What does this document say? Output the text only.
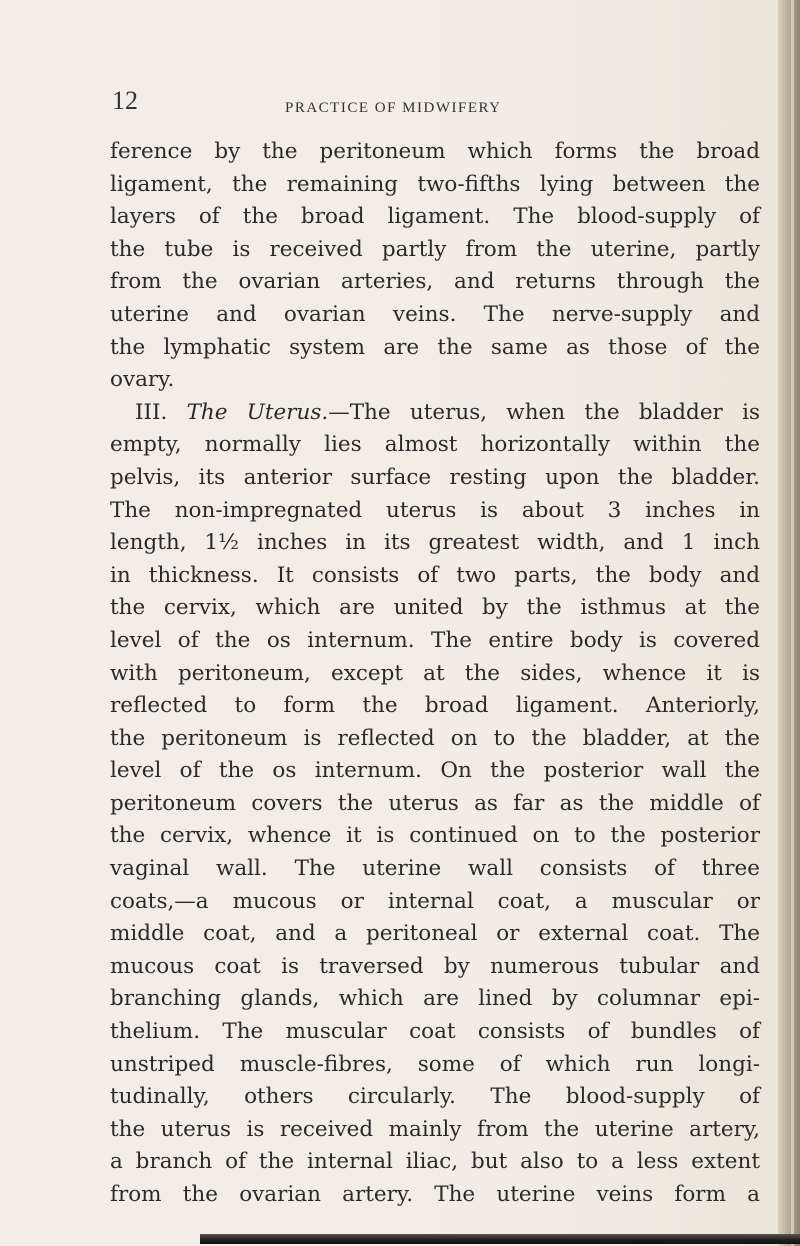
12	PRACTICE OF MIDWIFERY
ference by the peritoneum which forms the broad
ligament, the remaining two-fifths lying between the
layers of the broad ligament. The blood-supply of
the tube is received partly from the uterine, partly
from the ovarian arteries, and returns through the
uterine and ovarian veins. The nerve-supply and
the lymphatic system are the same as those of the
ovary.
III. The Uterus.—The uterus, when the bladder is
empty, normally lies almost horizontally within the
pelvis, its anterior surface resting upon the bladder.
The non-impregnated uterus is about 3 inches in
length, 1½ inches in its greatest width, and 1 inch
in thickness. It consists of two parts, the body and
the cervix, which are united by the isthmus at the
level of the os internum. The entire body is covered
with peritoneum, except at the sides, whence it is
reflected to form the broad ligament. Anteriorly,
the peritoneum is reflected on to the bladder, at the
level of the os internum. On the posterior wall the
peritoneum covers the uterus as far as the middle of
the cervix, whence it is continued on to the posterior
vaginal wall. The uterine wall consists of three
coats,—a mucous or internal coat, a muscular or
middle coat, and a peritoneal or external coat. The
mucous coat is traversed by numerous tubular and
branching glands, which are lined by columnar epi-
thelium. The muscular coat consists of bundles of
unstriped muscle-fibres, some of which run longi-
tudinally, others circularly. The blood-supply of
the uterus is received mainly from the uterine artery,
a branch of the internal iliac, but also to a less extent
from the ovarian artery. The uterine veins form a
